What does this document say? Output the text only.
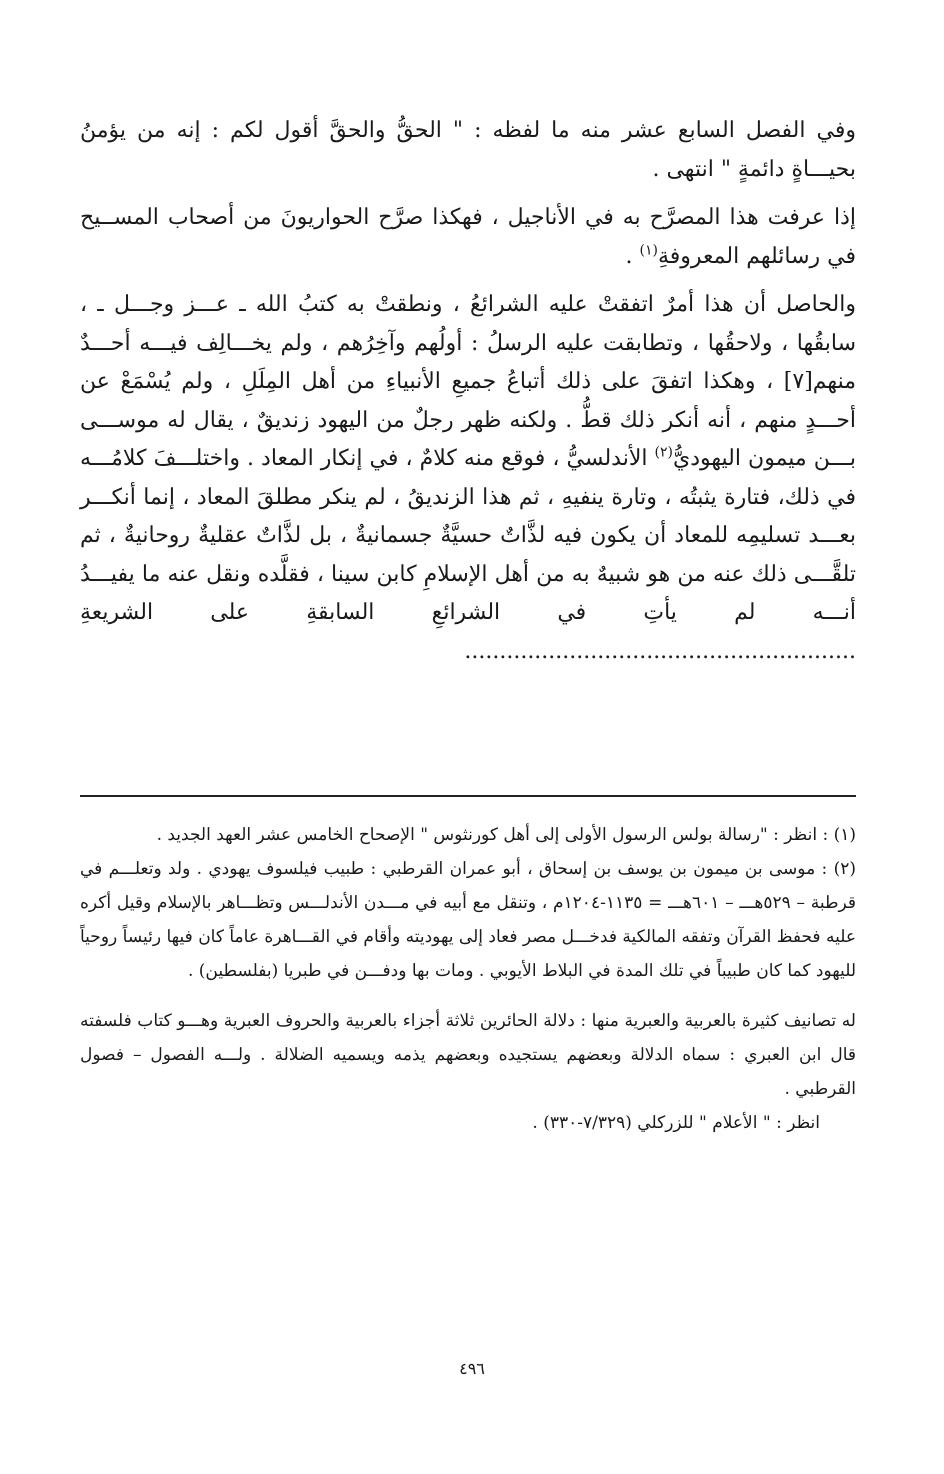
وفي الفصل السابع عشر منه ما لفظه : " الحقُّ والحقَّ أقول لكم : إنه من يؤمنُ بحيـــاةٍ دائمةٍ " انتهى .

إذا عرفت هذا المصرَّح به في الأناجيل ، فهكذا صرَّح الحواريونَ من أصحاب المســيح في رسائلهم المعروفةِ$^{(١)}$ .

والحاصل أن هذا أمرٌ اتفقتْ عليه الشرائعُ ، ونطقتْ به كتبُ الله ـ عـــز وجـــل ـ ، سابقُها ، ولاحقُها ، وتطابقت عليه الرسلُ : أولُهم وآخِرُهم ، ولم يخـــالِف فيـــه أحـــدٌ منهم[٧] ، وهكذا اتفقَ على ذلك أتباعُ جميعِ الأنبياءِ من أهل المِلَلِ ، ولم يُسْمَعْ عن أحـــدٍ منهم ، أنه أنكر ذلك قطُّ . ولكنه ظهر رجلٌ من اليهود زنديقٌ ، يقال له موســـى بـــن ميمون اليهوديُّ$^{(٢)}$ الأندلسيُّ ، فوقع منه كلامٌ ، في إنكار المعاد . واختلـــفَ كلامُـــه في ذلك، فتارة يثبتُه ، وتارة ينفيهِ ، ثم هذا الزنديقُ ، لم ينكر مطلقَ المعاد ، إنما أنكـــر بعـــد تسليمِه للمعاد أن يكون فيه لذَّاتٌ حسيَّةٌ جسمانيةٌ ، بل لذَّاتٌ عقليةٌ روحانيةٌ ، ثم تلقَّـــى ذلك عنه من هو شبيهٌ به من أهل الإسلامِ كابن سينا ، فقلَّده ونقل عنه ما يفيـــدُ أنـــه لم يأتِ في الشرائعِ السابقةِ على الشريعةِ ........................................................

(١) : انظر : "رسالة بولس الرسول الأولى إلى أهل كورنثوس " الإصحاح الخامس عشر العهد الجديد .

(٢) : موسى بن ميمون بن يوسف بن إسحاق ، أبو عمران القرطبي : طبيب فيلسوف يهودي . ولد وتعلـــم في قرطبة – ٥٢٩هـــ – ٦٠١هـــ = ١١٣٥-١٢٠٤م ، وتنقل مع أبيه في مـــدن الأندلـــس وتظـــاهر بالإسلام وقيل أكره عليه فحفظ القرآن وتفقه المالكية فدخـــل مصر فعاد إلى يهوديته وأقام في القـــاهرة عاماً كان فيها رئيساً روحياً لليهود كما كان طبيباً في تلك المدة في البلاط الأيوبي . ومات بها ودفـــن في طبريا (بفلسطين) .

له تصانيف كثيرة بالعربية والعبرية منها : دلالة الحائرين ثلاثة أجزاء بالعربية والحروف العبرية وهـــو كتاب فلسفته قال ابن العبري : سماه الدلالة وبعضهم يستجيده وبعضهم يذمه ويسميه الضلالة . ولـــه الفصول – فصول القرطبي .

انظر : " الأعلام " للزركلي (٧/٣٢٩-٣٣٠) .

٤٩٦
